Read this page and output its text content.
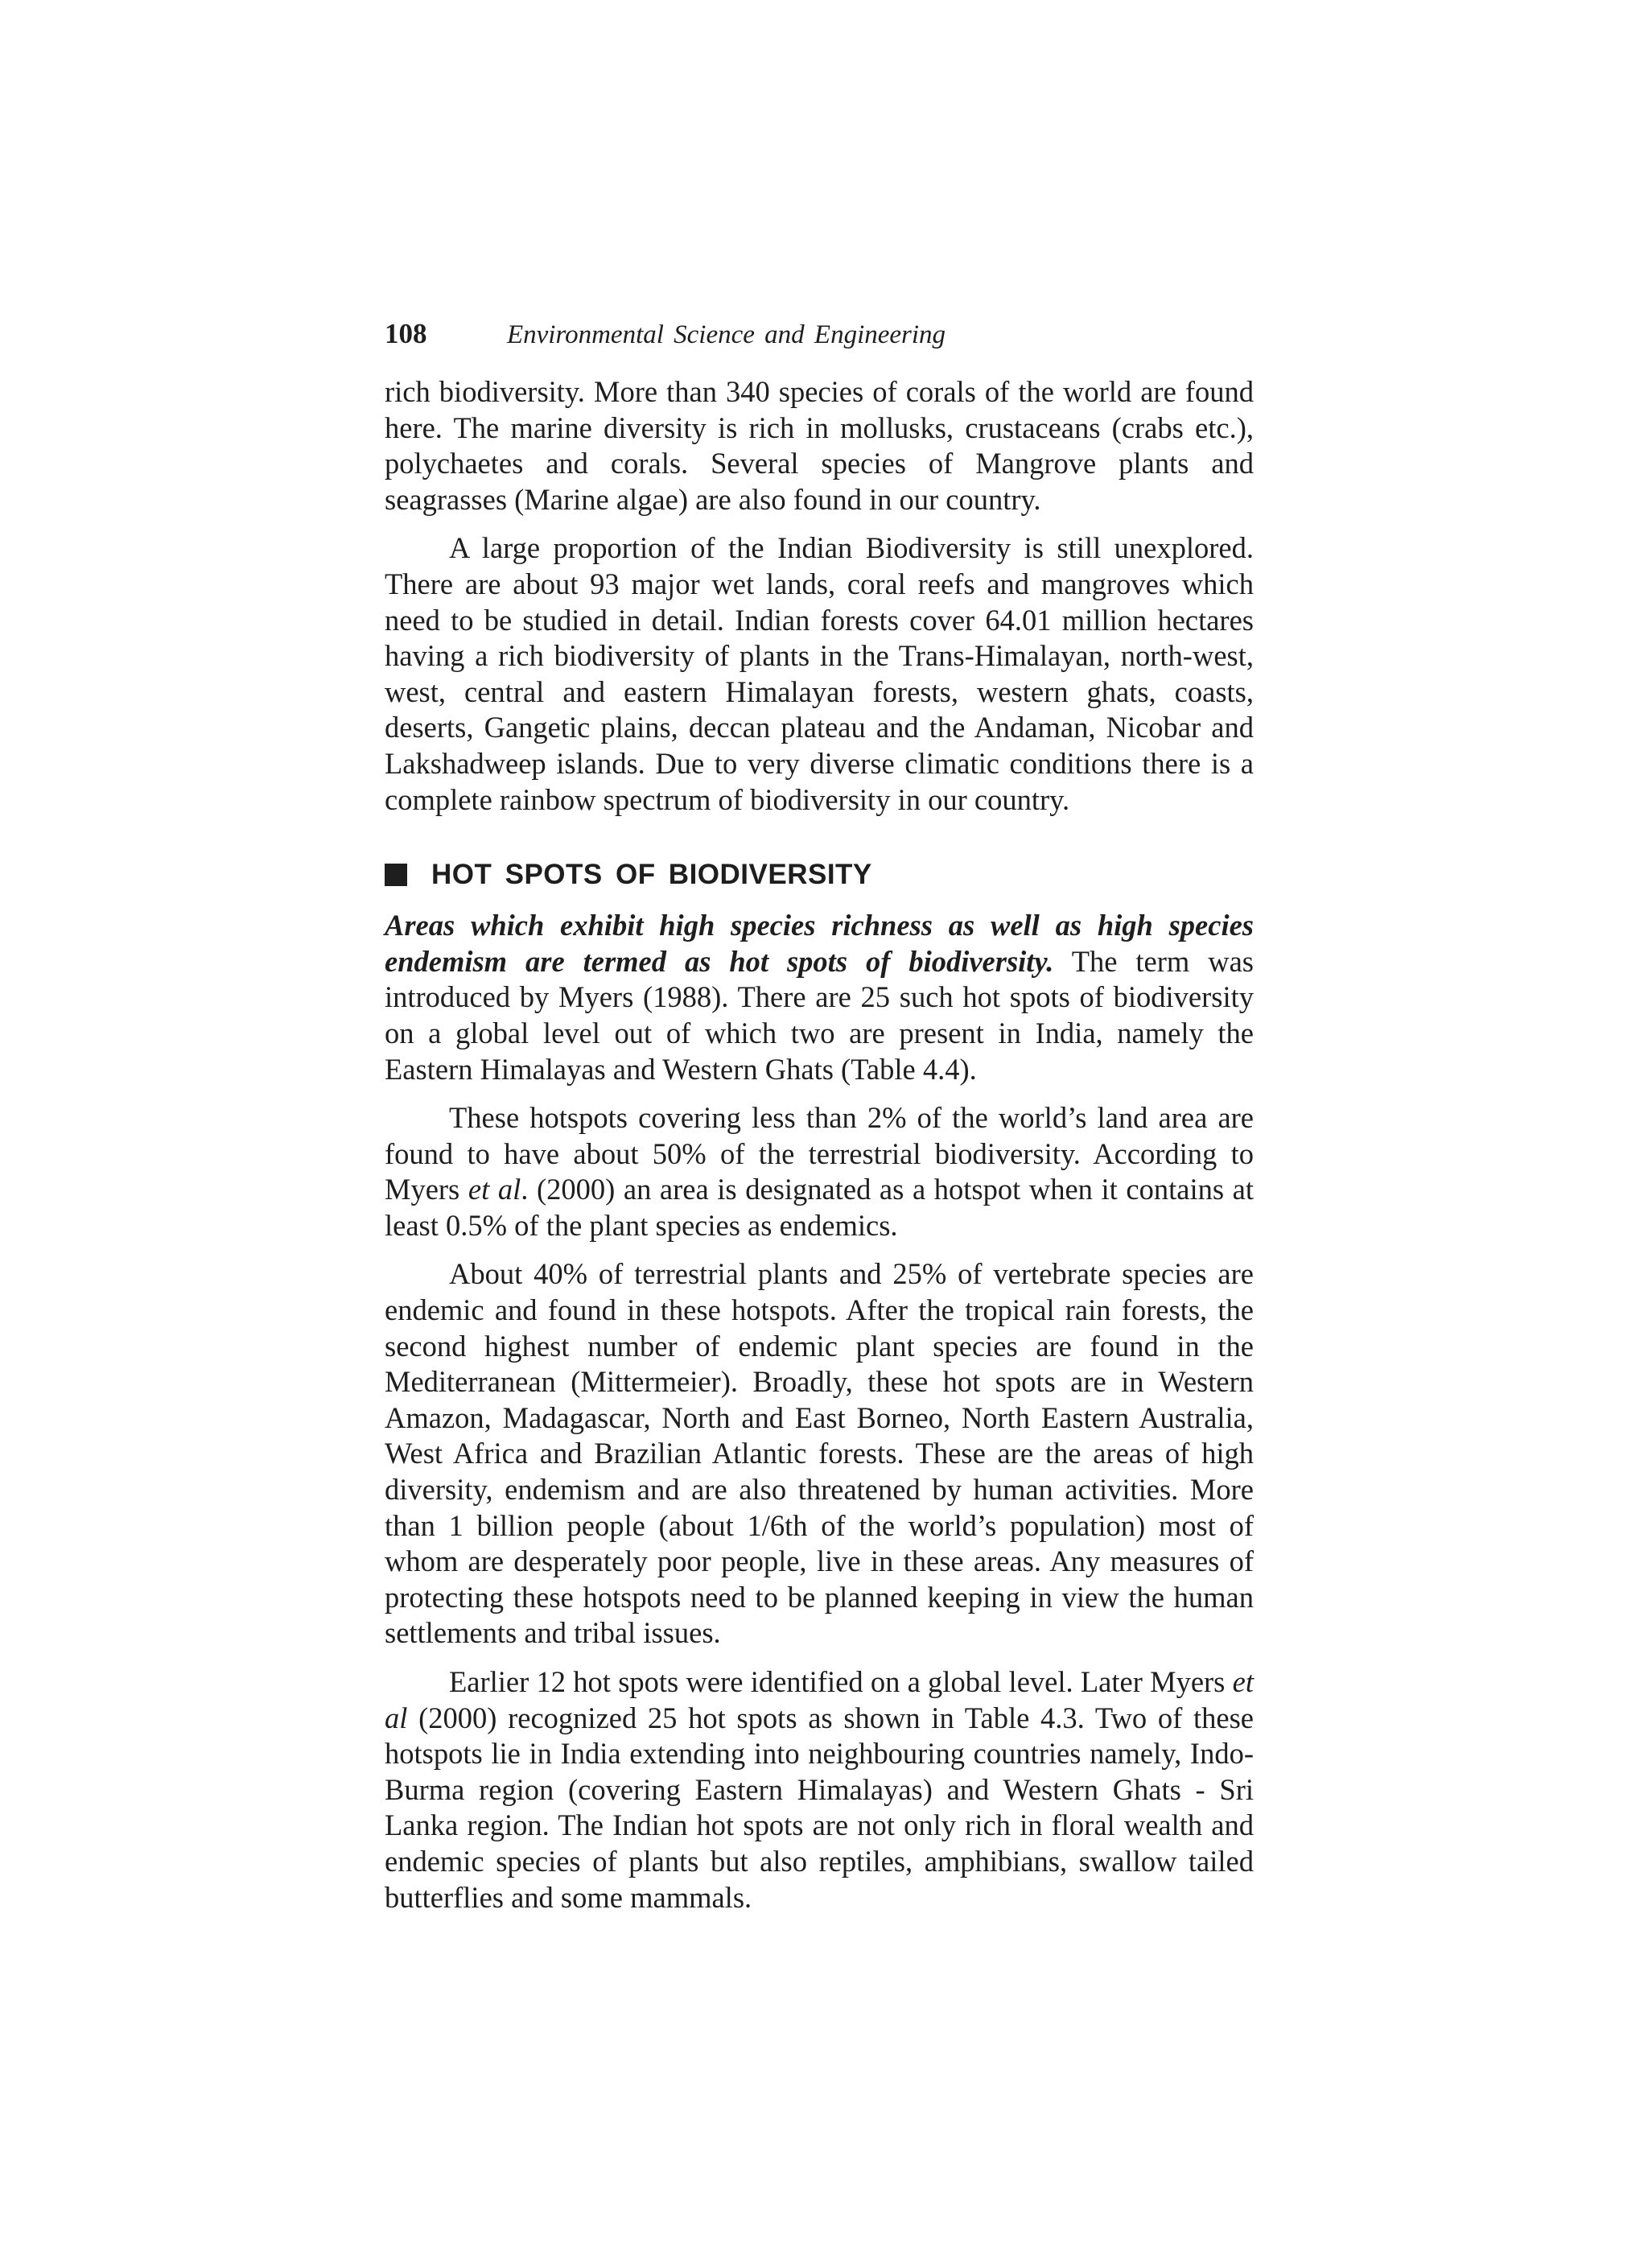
108	Environmental Science and Engineering

rich biodiversity. More than 340 species of corals of the world are found here. The marine diversity is rich in mollusks, crustaceans (crabs etc.), polychaetes and corals. Several species of Mangrove plants and seagrasses (Marine algae) are also found in our country.

A large proportion of the Indian Biodiversity is still unexplored. There are about 93 major wet lands, coral reefs and mangroves which need to be studied in detail. Indian forests cover 64.01 million hectares having a rich biodiversity of plants in the Trans-Himalayan, north-west, west, central and eastern Himalayan forests, western ghats, coasts, deserts, Gangetic plains, deccan plateau and the Andaman, Nicobar and Lakshadweep islands. Due to very diverse climatic conditions there is a complete rainbow spectrum of biodiversity in our country.

HOT SPOTS OF BIODIVERSITY

Areas which exhibit high species richness as well as high species endemism are termed as hot spots of biodiversity. The term was introduced by Myers (1988). There are 25 such hot spots of biodiversity on a global level out of which two are present in India, namely the Eastern Himalayas and Western Ghats (Table 4.4).

These hotspots covering less than 2% of the world’s land area are found to have about 50% of the terrestrial biodiversity. According to Myers et al. (2000) an area is designated as a hotspot when it contains at least 0.5% of the plant species as endemics.

About 40% of terrestrial plants and 25% of vertebrate species are endemic and found in these hotspots. After the tropical rain forests, the second highest number of endemic plant species are found in the Mediterranean (Mittermeier). Broadly, these hot spots are in Western Amazon, Madagascar, North and East Borneo, North Eastern Australia, West Africa and Brazilian Atlantic forests. These are the areas of high diversity, endemism and are also threatened by human activities. More than 1 billion people (about 1/6th of the world’s population) most of whom are desperately poor people, live in these areas. Any measures of protecting these hotspots need to be planned keeping in view the human settlements and tribal issues.

Earlier 12 hot spots were identified on a global level. Later Myers et al (2000) recognized 25 hot spots as shown in Table 4.3. Two of these hotspots lie in India extending into neighbouring countries namely, Indo-Burma region (covering Eastern Himalayas) and Western Ghats - Sri Lanka region. The Indian hot spots are not only rich in floral wealth and endemic species of plants but also reptiles, amphibians, swallow tailed butterflies and some mammals.
